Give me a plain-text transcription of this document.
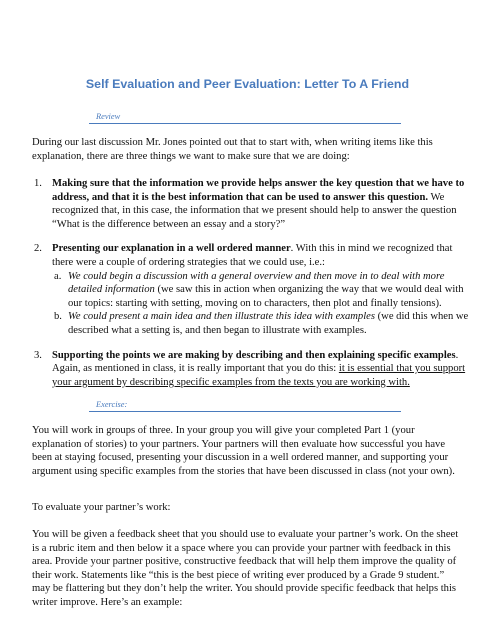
Self Evaluation and Peer Evaluation: Letter To A Friend
Review

During our last discussion Mr. Jones pointed out that to start with, when writing items like this explanation, there are three things we want to make sure that we are doing:

1. Making sure that the information we provide helps answer the key question that we have to address, and that it is the best information that can be used to answer this question. We recognized that, in this case, the information that we present should help to answer the question “What is the difference between an essay and a story?”

2. Presenting our explanation in a well ordered manner. With this in mind we recognized that there were a couple of ordering strategies that we could use, i.e.:

a. We could begin a discussion with a general overview and then move in to deal with more detailed information (we saw this in action when organizing the way that we would deal with our topics: starting with setting, moving on to characters, then plot and finally tensions).
b. We could present a main idea and then illustrate this idea with examples (we did this when we described what a setting is, and then began to illustrate with examples.

3. Supporting the points we are making by describing and then explaining specific examples. Again, as mentioned in class, it is really important that you do this: it is essential that you support your argument by describing specific examples from the texts you are working with.

Exercise:

You will work in groups of three. In your group you will give your completed Part 1 (your explanation of stories) to your partners. Your partners will then evaluate how successful you have been at staying focused, presenting your discussion in a well ordered manner, and supporting your argument using specific examples from the stories that have been discussed in class (not your own).

To evaluate your partner’s work:

You will be given a feedback sheet that you should use to evaluate your partner’s work. On the sheet is a rubric item and then below it a space where you can provide your partner with feedback in this area. Provide your partner positive, constructive feedback that will help them improve the quality of their work. Statements like “this is the best piece of writing ever produced by a Grade 9 student.” may be flattering but they don’t help the writer. You should provide specific feedback that helps this writer improve. Here’s an example:
